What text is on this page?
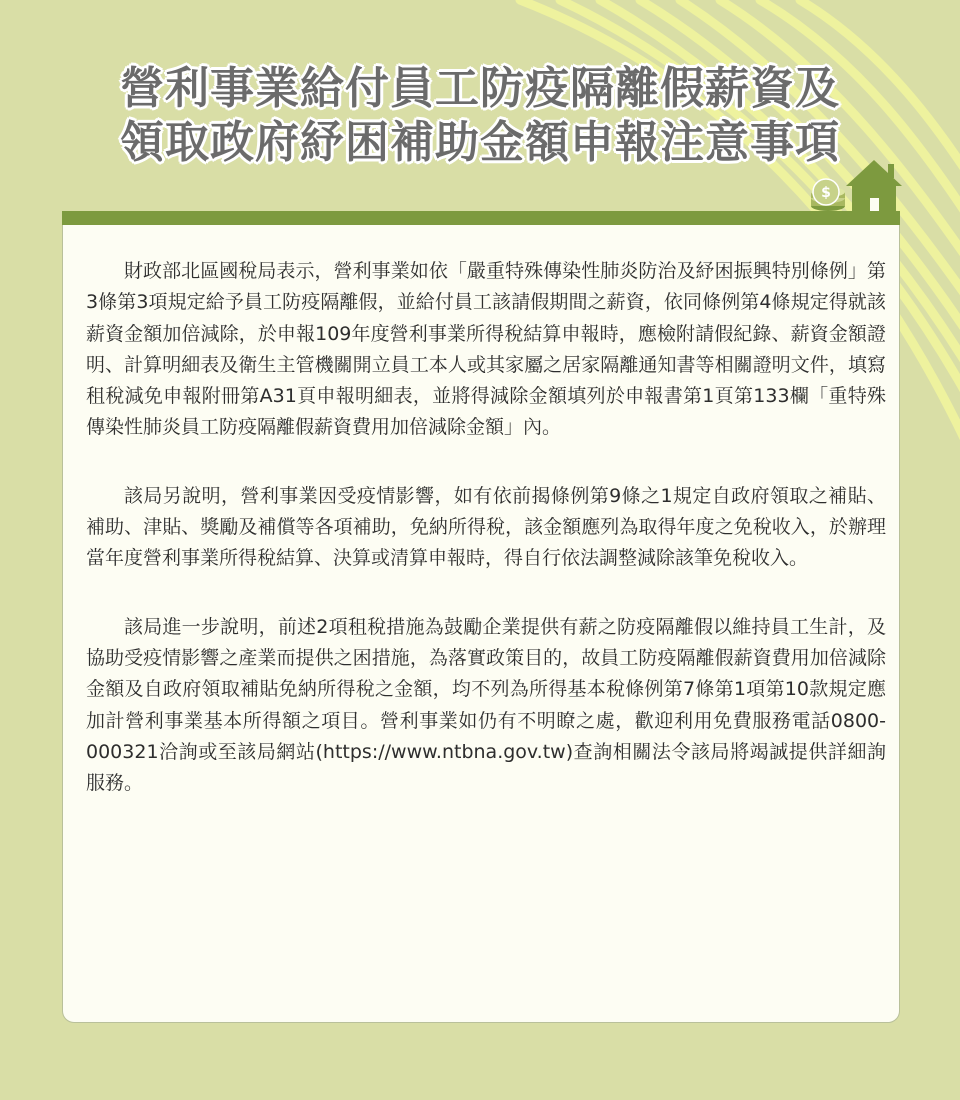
營利事業給付員工防疫隔離假薪資及
領取政府紓困補助金額申報注意事項
$

財政部北區國稅局表示，營利事業如依「嚴重特殊傳染性肺炎防治及紓困振興特別條例」第3條第3項規定給予員工防疫隔離假，並給付員工該請假期間之薪資，依同條例第4條規定得就該薪資金額加倍減除，於申報109年度營利事業所得稅結算申報時，應檢附請假紀錄、薪資金額證明、計算明細表及衛生主管機關開立員工本人或其家屬之居家隔離通知書等相關證明文件，填寫租稅減免申報附冊第A31頁申報明細表，並將得減除金額填列於申報書第1頁第133欄「重特殊傳染性肺炎員工防疫隔離假薪資費用加倍減除金額」內。

該局另說明，營利事業因受疫情影響，如有依前揭條例第9條之1規定自政府領取之補貼、補助、津貼、獎勵及補償等各項補助，免納所得稅，該金額應列為取得年度之免稅收入，於辦理當年度營利事業所得稅結算、決算或清算申報時，得自行依法調整減除該筆免稅收入。

該局進一步說明，前述2項租稅措施為鼓勵企業提供有薪之防疫隔離假以維持員工生計，及協助受疫情影響之產業而提供之困措施，為落實政策目的，故員工防疫隔離假薪資費用加倍減除金額及自政府領取補貼免納所得稅之金額，均不列為所得基本稅條例第7條第1項第10款規定應加計營利事業基本所得額之項目。營利事業如仍有不明瞭之處，歡迎利用免費服務電話0800-000321洽詢或至該局網站(https://www.ntbna.gov.tw)查詢相關法令該局將竭誠提供詳細詢服務。
